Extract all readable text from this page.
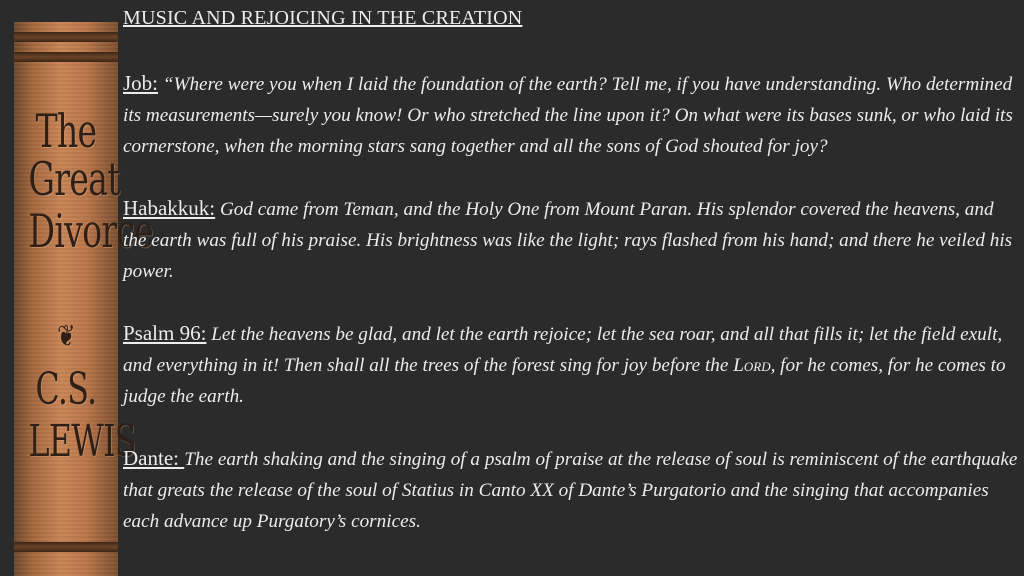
The
Great
Divorce
❦
C.S.
LEWIS
MUSIC AND REJOICING IN THE CREATION

Job: “Where were you when I laid the foundation of the earth? Tell me, if you have understanding. Who determined its measurements—surely you know! Or who stretched the line upon it? On what were its bases sunk, or who laid its cornerstone, when the morning stars sang together and all the sons of God shouted for joy?

Habakkuk: God came from Teman, and the Holy One from Mount Paran. His splendor covered the heavens, and the earth was full of his praise. His brightness was like the light; rays flashed from his hand; and there he veiled his power.

Psalm 96: Let the heavens be glad, and let the earth rejoice; let the sea roar, and all that fills it; let the field exult, and everything in it! Then shall all the trees of the forest sing for joy before the Lord, for he comes, for he comes to judge the earth.

Dante: The earth shaking and the singing of a psalm of praise at the release of soul is reminiscent of the earthquake that greats the release of the soul of Statius in Canto XX of Dante’s Purgatorio and the singing that accompanies each advance up Purgatory’s cornices.
